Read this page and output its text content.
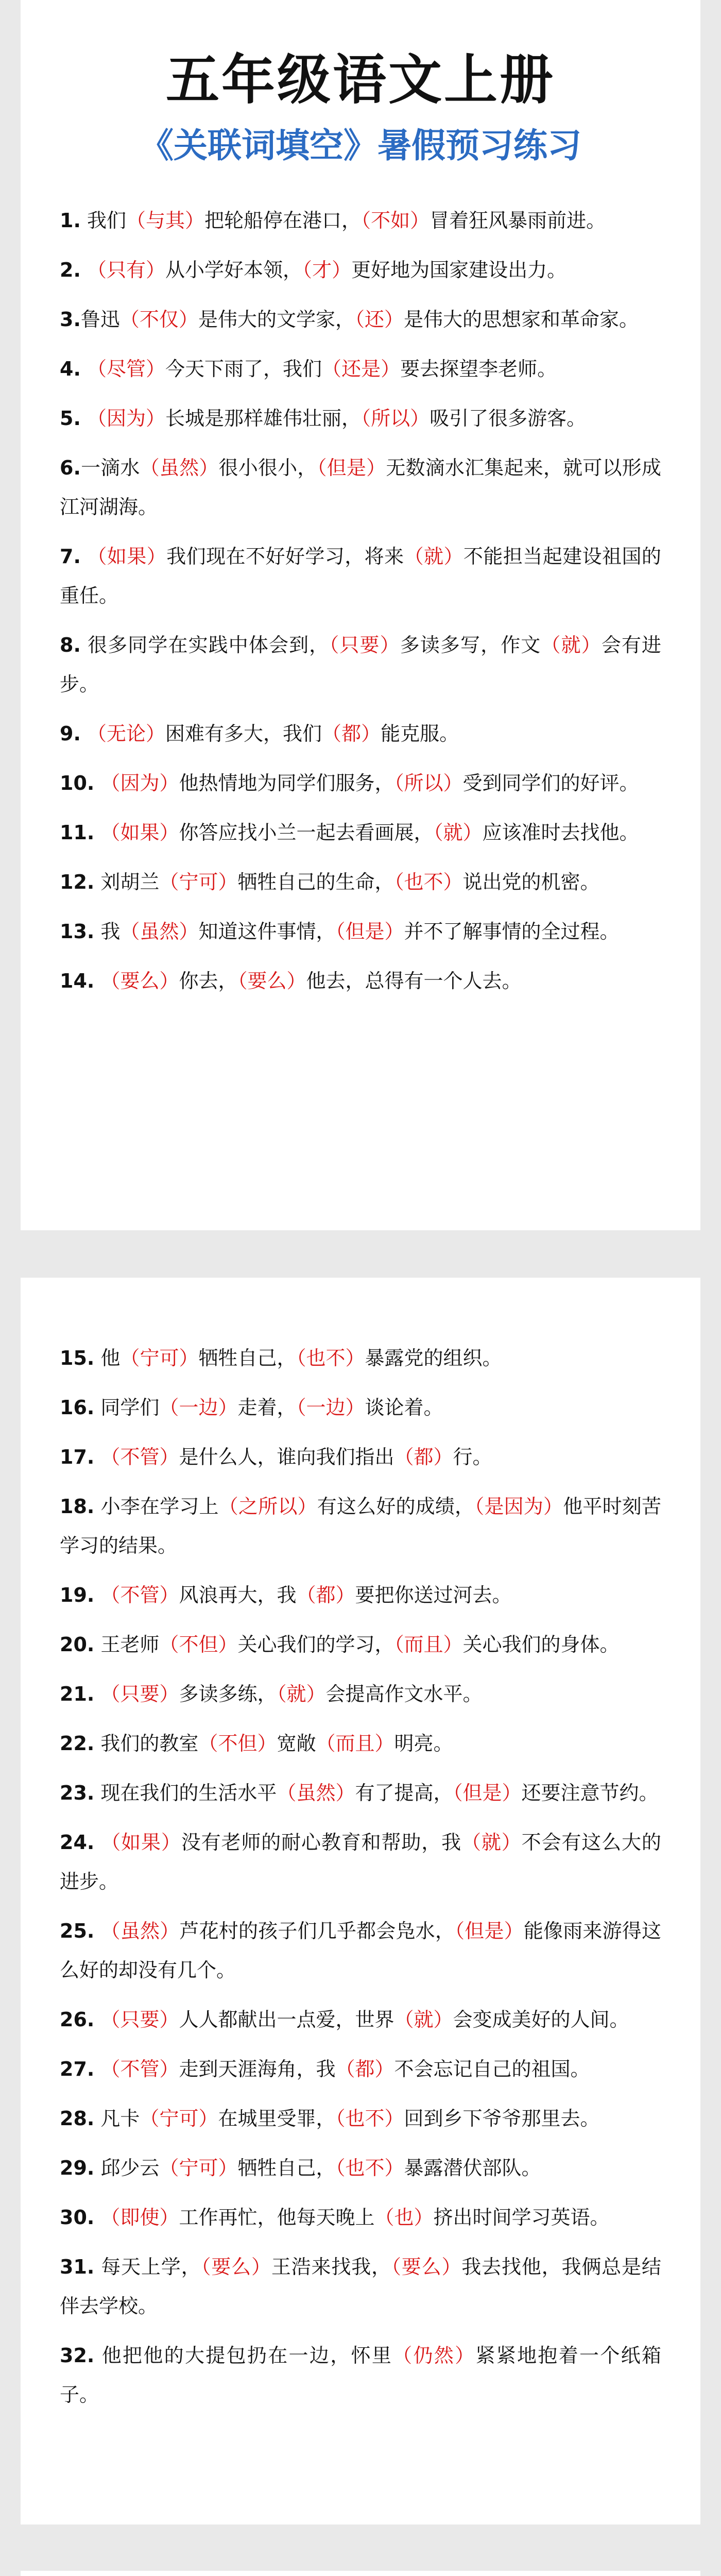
五年级语文上册
《关联词填空》暑假预习练习

1. 我们（与其）把轮船停在港口，（不如）冒着狂风暴雨前进。

2. （只有）从小学好本领，（才）更好地为国家建设出力。

3.鲁迅（不仅）是伟大的文学家，（还）是伟大的思想家和革命家。

4. （尽管）今天下雨了，我们（还是）要去探望李老师。

5. （因为）长城是那样雄伟壮丽，（所以）吸引了很多游客。

6.一滴水（虽然）很小很小，（但是）无数滴水汇集起来，就可以形成江河湖海。

7. （如果）我们现在不好好学习，将来（就）不能担当起建设祖国的重任。

8. 很多同学在实践中体会到，（只要）多读多写，作文（就）会有进步。

9. （无论）困难有多大，我们（都）能克服。

10. （因为）他热情地为同学们服务，（所以）受到同学们的好评。

11. （如果）你答应找小兰一起去看画展，（就）应该准时去找他。

12. 刘胡兰（宁可）牺牲自己的生命，（也不）说出党的机密。

13. 我（虽然）知道这件事情，（但是）并不了解事情的全过程。

14. （要么）你去，（要么）他去，总得有一个人去。

15. 他（宁可）牺牲自己，（也不）暴露党的组织。

16. 同学们（一边）走着，（一边）谈论着。

17. （不管）是什么人，谁向我们指出（都）行。

18. 小李在学习上（之所以）有这么好的成绩，（是因为）他平时刻苦学习的结果。

19. （不管）风浪再大，我（都）要把你送过河去。

20. 王老师（不但）关心我们的学习，（而且）关心我们的身体。

21. （只要）多读多练，（就）会提高作文水平。

22. 我们的教室（不但）宽敞（而且）明亮。

23. 现在我们的生活水平（虽然）有了提高，（但是）还要注意节约。

24. （如果）没有老师的耐心教育和帮助，我（就）不会有这么大的进步。

25. （虽然）芦花村的孩子们几乎都会凫水，（但是）能像雨来游得这么好的却没有几个。

26. （只要）人人都献出一点爱，世界（就）会变成美好的人间。

27. （不管）走到天涯海角，我（都）不会忘记自己的祖国。

28. 凡卡（宁可）在城里受罪，（也不）回到乡下爷爷那里去。

29. 邱少云（宁可）牺牲自己，（也不）暴露潜伏部队。

30. （即使）工作再忙，他每天晚上（也）挤出时间学习英语。

31. 每天上学，（要么）王浩来找我，（要么）我去找他，我俩总是结伴去学校。

32. 他把他的大提包扔在一边，怀里（仍然）紧紧地抱着一个纸箱子。
